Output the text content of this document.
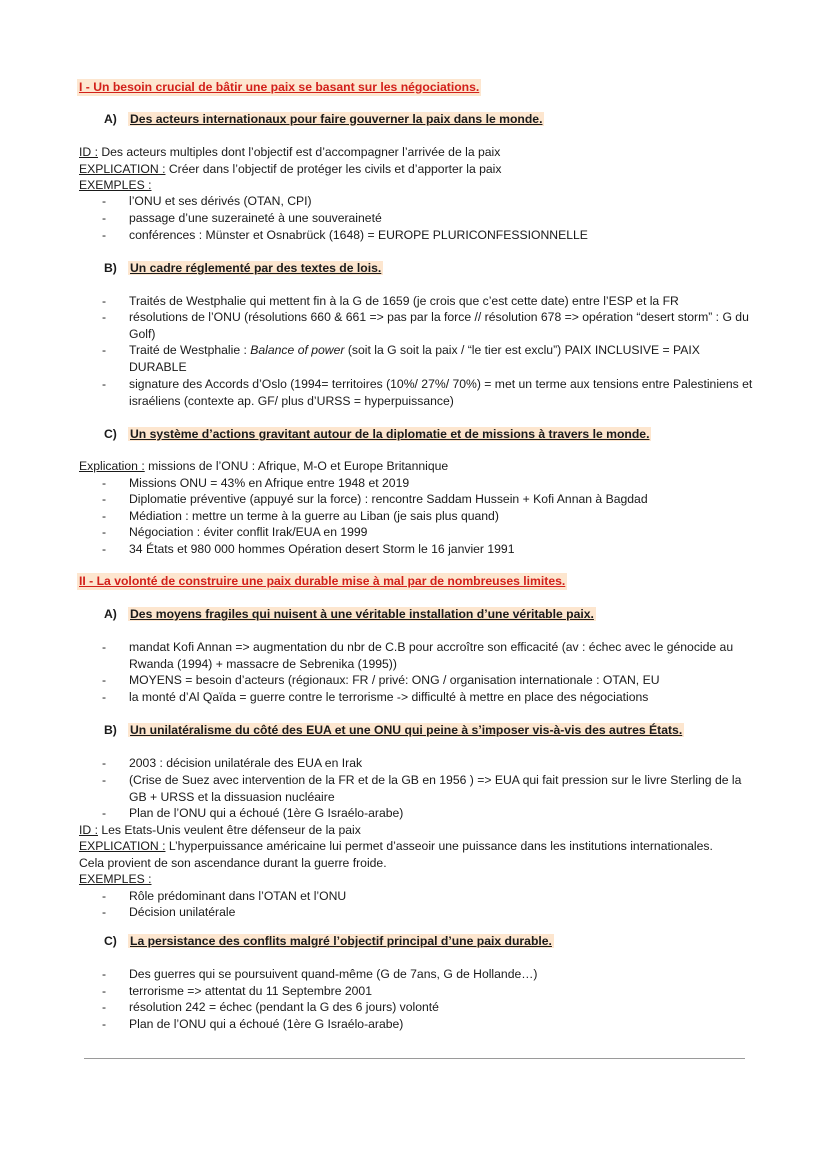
I - Un besoin crucial de bâtir une paix se basant sur les négociations.
A) Des acteurs internationaux pour faire gouverner la paix dans le monde.
ID : Des acteurs multiples dont l’objectif est d’accompagner l’arrivée de la paix
EXPLICATION : Créer dans l’objectif de protéger les civils et d’apporter la paix
EXEMPLES :
- l’ONU et ses dérivés (OTAN, CPI)
- passage d’une suzeraineté à une souveraineté
- conférences : Münster et Osnabrück (1648) = EUROPE PLURICONFESSIONNELLE
B) Un cadre réglementé par des textes de lois.
- Traités de Westphalie qui mettent fin à la G de 1659 (je crois que c’est cette date) entre l’ESP et la FR
- résolutions de l’ONU (résolutions 660 & 661 => pas par la force // résolution 678 => opération “desert storm” : G du Golf)
- Traité de Westphalie : Balance of power (soit la G soit la paix / “le tier est exclu”) PAIX INCLUSIVE = PAIX DURABLE
- signature des Accords d’Oslo (1994= territoires (10%/ 27%/ 70%) = met un terme aux tensions entre Palestiniens et israéliens (contexte ap. GF/ plus d’URSS = hyperpuissance)
C) Un système d’actions gravitant autour de la diplomatie et de missions à travers le monde.
Explication : missions de l’ONU : Afrique, M-O et Europe Britannique
- Missions ONU = 43% en Afrique entre 1948 et 2019
- Diplomatie préventive (appuyé sur la force) : rencontre Saddam Hussein + Kofi Annan à Bagdad
- Médiation : mettre un terme à la guerre au Liban (je sais plus quand)
- Négociation : éviter conflit Irak/EUA en 1999
- 34 États et 980 000 hommes Opération desert Storm le 16 janvier 1991
II - La volonté de construire une paix durable mise à mal par de nombreuses limites.
A) Des moyens fragiles qui nuisent à une véritable installation d’une véritable paix.
- mandat Kofi Annan => augmentation du nbr de C.B pour accroître son efficacité (av : échec avec le génocide au Rwanda (1994) + massacre de Sebrenika (1995))
- MOYENS = besoin d’acteurs (régionaux: FR / privé: ONG / organisation internationale : OTAN, EU
- la monté d’Al Qaïda = guerre contre le terrorisme -> difficulté à mettre en place des négociations
B) Un unilatéralisme du côté des EUA et une ONU qui peine à s’imposer vis-à-vis des autres États.
- 2003 : décision unilatérale des EUA en Irak
- (Crise de Suez avec intervention de la FR et de la GB en 1956 ) => EUA qui fait pression sur le livre Sterling de la GB + URSS et la dissuasion nucléaire
- Plan de l’ONU qui a échoué (1ère G Israélo-arabe)
ID : Les Etats-Unis veulent être défenseur de la paix
EXPLICATION : L’hyperpuissance américaine lui permet d’asseoir une puissance dans les institutions internationales.
Cela provient de son ascendance durant la guerre froide.
EXEMPLES :
- Rôle prédominant dans l’OTAN et l’ONU
- Décision unilatérale
C) La persistance des conflits malgré l’objectif principal d’une paix durable.
- Des guerres qui se poursuivent quand-même (G de 7ans, G de Hollande…)
- terrorisme => attentat du 11 Septembre 2001
- résolution 242 = échec (pendant la G des 6 jours) volonté
- Plan de l’ONU qui a échoué (1ère G Israélo-arabe)
